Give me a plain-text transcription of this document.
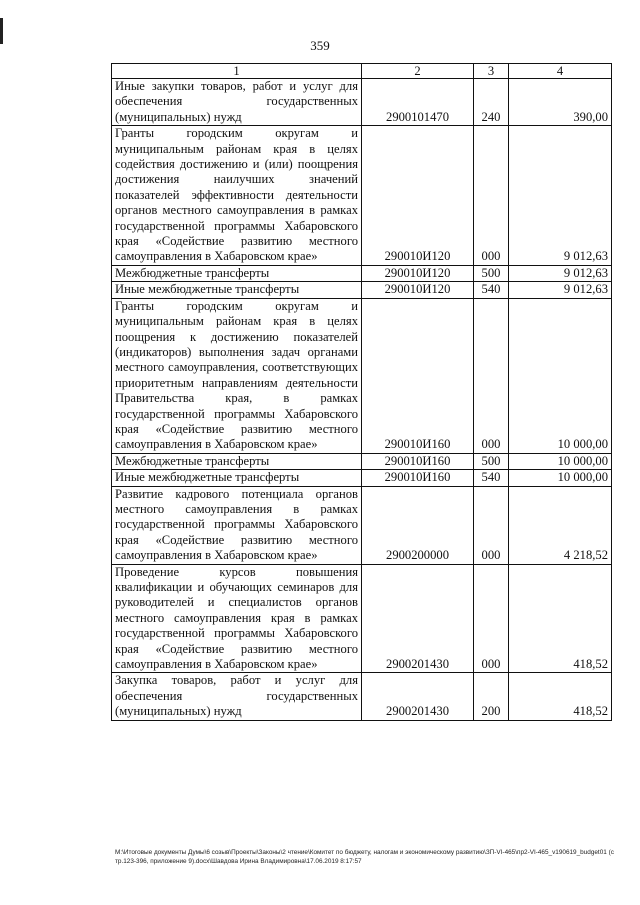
359
1	2	3	4
Иные закупки товаров, работ и услуг для обеспечения государственных (муниципальных) нужд	2900101470	240	390,00
Гранты городским округам и муниципальным районам края в целях содействия достижению и (или) поощрения достижения наилучших значений показателей эффективности деятельности органов местного самоуправления в рамках государственной программы Хабаровского края «Содействие развитию местного самоуправления в Хабаровском крае»	290010И120	000	9 012,63
Межбюджетные трансферты	290010И120	500	9 012,63
Иные межбюджетные трансферты	290010И120	540	9 012,63
Гранты городским округам и муниципальным районам края в целях поощрения к достижению показателей (индикаторов) выполнения задач органами местного самоуправления, соответствующих приоритетным направлениям деятельности Правительства края, в рамках государственной программы Хабаровского края «Содействие развитию местного самоуправления в Хабаровском крае»	290010И160	000	10 000,00
Межбюджетные трансферты	290010И160	500	10 000,00
Иные межбюджетные трансферты	290010И160	540	10 000,00
Развитие кадрового потенциала органов местного самоуправления в рамках государственной программы Хабаровского края «Содействие развитию местного самоуправления в Хабаровском крае»	2900200000	000	4 218,52
Проведение курсов повышения квалификации и обучающих семинаров для руководителей и специалистов органов местного самоуправления края в рамках государственной программы Хабаровского края «Содействие развитию местного самоуправления в Хабаровском крае»	2900201430	000	418,52
Закупка товаров, работ и услуг для обеспечения государственных (муниципальных) нужд	2900201430	200	418,52
M:\Итоговые документы Думы\6 созыв\Проекты\Законы\2 чтение\Комитет по бюджету, налогам и экономическому развитию\ЗП-VI-465\пр2-VI-465_v190619_budget01 (стр.123-396, приложение 9).docx\Шавдова Ирина Владимировна\17.06.2019 8:17:57
